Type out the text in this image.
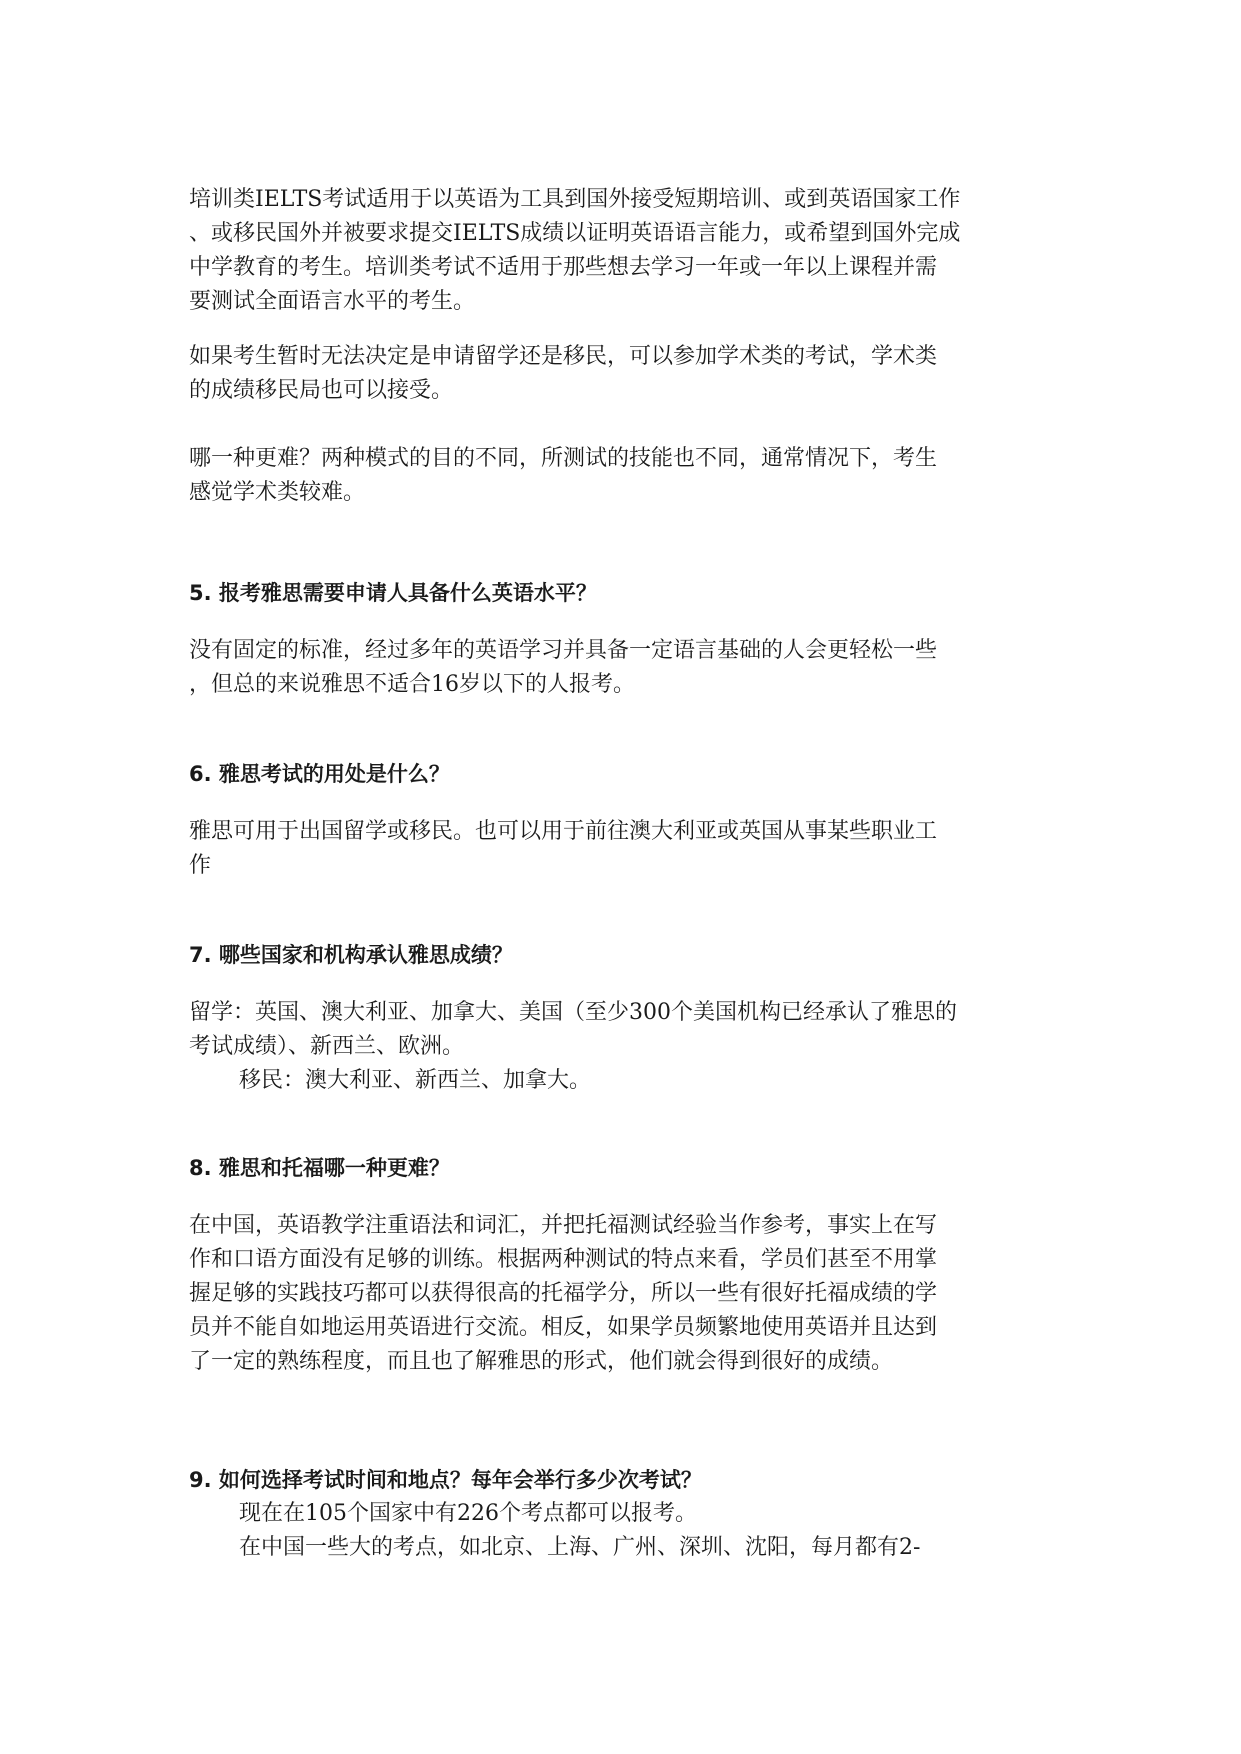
培训类IELTS考试适用于以英语为工具到国外接受短期培训、或到英语国家工作
、或移民国外并被要求提交IELTS成绩以证明英语语言能力，或希望到国外完成
中学教育的考生。培训类考试不适用于那些想去学习一年或一年以上课程并需
要测试全面语言水平的考生。
如果考生暂时无法决定是申请留学还是移民，可以参加学术类的考试，学术类
的成绩移民局也可以接受。
哪一种更难？两种模式的目的不同，所测试的技能也不同，通常情况下，考生
感觉学术类较难。
5. 报考雅思需要申请人具备什么英语水平？
没有固定的标准，经过多年的英语学习并具备一定语言基础的人会更轻松一些
，但总的来说雅思不适合16岁以下的人报考。
6. 雅思考试的用处是什么？
雅思可用于出国留学或移民。也可以用于前往澳大利亚或英国从事某些职业工
作
7. 哪些国家和机构承认雅思成绩？
留学：英国、澳大利亚、加拿大、美国（至少300个美国机构已经承认了雅思的
考试成绩）、新西兰、欧洲。
移民：澳大利亚、新西兰、加拿大。
8. 雅思和托福哪一种更难？
在中国，英语教学注重语法和词汇，并把托福测试经验当作参考，事实上在写
作和口语方面没有足够的训练。根据两种测试的特点来看，学员们甚至不用掌
握足够的实践技巧都可以获得很高的托福学分，所以一些有很好托福成绩的学
员并不能自如地运用英语进行交流。相反，如果学员频繁地使用英语并且达到
了一定的熟练程度，而且也了解雅思的形式，他们就会得到很好的成绩。
9. 如何选择考试时间和地点？每年会举行多少次考试？
现在在105个国家中有226个考点都可以报考。
在中国一些大的考点，如北京、上海、广州、深圳、沈阳，每月都有2-
